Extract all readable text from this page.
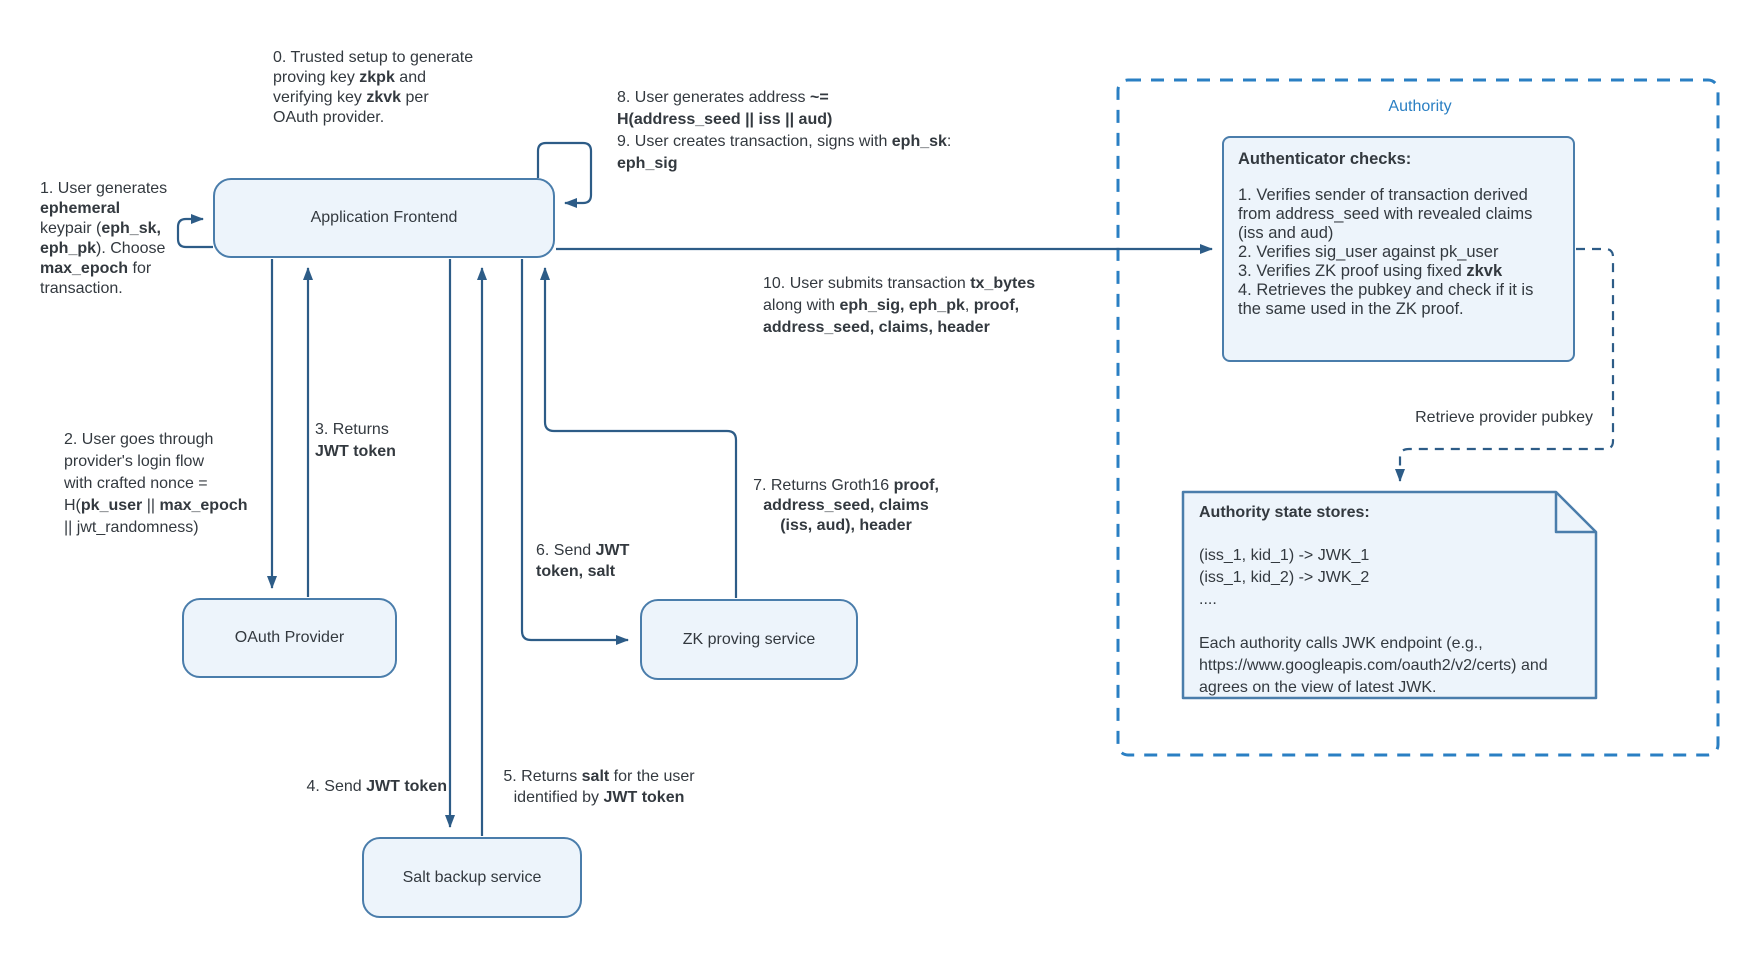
Application Frontend
OAuth Provider	ZK proving service
Salt backup service
Authority
Authenticator checks:
1. Verifies sender of transaction derived
from address_seed with revealed claims
(iss and aud)
2. Verifies sig_user against pk_user
3. Verifies ZK proof using fixed zkvk
4. Retrieves the pubkey and check if it is
the same used in the ZK proof.
Authority state stores:
(iss_1, kid_1) -> JWK_1
(iss_1, kid_2) -> JWK_2
....

Each authority calls JWK endpoint (e.g.,
https://www.googleapis.com/oauth2/v2/certs) and
agrees on the view of latest JWK.
Retrieve provider pubkey
0. Trusted setup to generate
proving key zkpk and
verifying key zkvk per
OAuth provider.
1. User generates
ephemeral
keypair (eph_sk,
eph_pk). Choose
max_epoch for
transaction.
2. User goes through
provider's login flow
with crafted nonce =
H(pk_user || max_epoch
|| jwt_randomness)
3. Returns
JWT token
4. Send JWT token
5. Returns salt for the user
identified by JWT token
6. Send JWT
token, salt
7. Returns Groth16 proof,
address_seed, claims
(iss, aud), header
8. User generates address ~=
H(address_seed || iss || aud)
9. User creates transaction, signs with eph_sk:
eph_sig
10. User submits transaction tx_bytes
along with eph_sig, eph_pk, proof,
address_seed, claims, header
